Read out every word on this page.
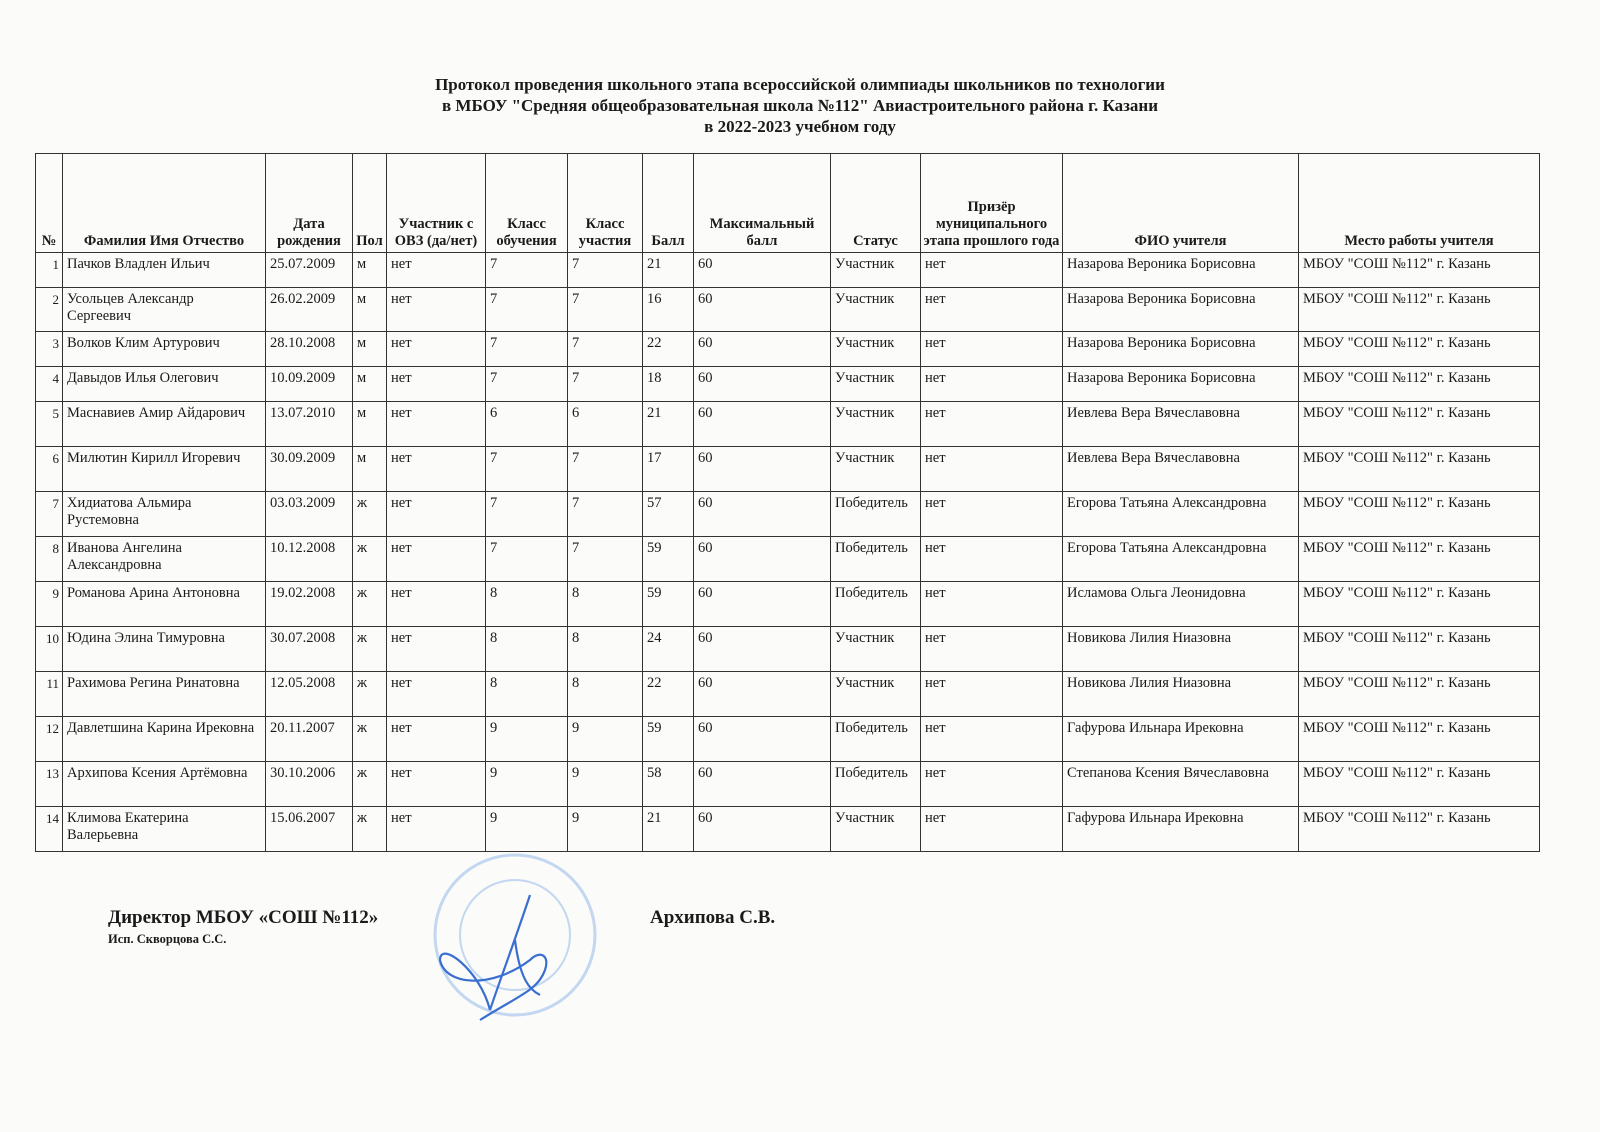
Протокол проведения школьного этапа всероссийской олимпиады школьников по технологии
в МБОУ "Средняя общеобразовательная школа №112" Авиастроительного района г. Казани
в 2022-2023 учебном году
№	Фамилия Имя Отчество	Дата рождения	Пол	Участник с ОВЗ (да/нет)	Класс обучения	Класс участия	Балл	Максимальный балл	Статус	Призёр муниципального этапа прошлого года	ФИО учителя	Место работы учителя
1	Пачков Владлен Ильич	25.07.2009	м	нет	7	7	21	60	Участник	нет	Назарова Вероника Борисовна	МБОУ "СОШ №112" г. Казань
2	Усольцев Александр Сергеевич	26.02.2009	м	нет	7	7	16	60	Участник	нет	Назарова Вероника Борисовна	МБОУ "СОШ №112" г. Казань
3	Волков Клим Артурович	28.10.2008	м	нет	7	7	22	60	Участник	нет	Назарова Вероника Борисовна	МБОУ "СОШ №112" г. Казань
4	Давыдов Илья Олегович	10.09.2009	м	нет	7	7	18	60	Участник	нет	Назарова Вероника Борисовна	МБОУ "СОШ №112" г. Казань
5	Маснавиев Амир Айдарович	13.07.2010	м	нет	6	6	21	60	Участник	нет	Иевлева Вера Вячеславовна	МБОУ "СОШ №112" г. Казань
6	Милютин Кирилл Игоревич	30.09.2009	м	нет	7	7	17	60	Участник	нет	Иевлева Вера Вячеславовна	МБОУ "СОШ №112" г. Казань
7	Хидиатова Альмира Рустемовна	03.03.2009	ж	нет	7	7	57	60	Победитель	нет	Егорова Татьяна Александровна	МБОУ "СОШ №112" г. Казань
8	Иванова Ангелина Александровна	10.12.2008	ж	нет	7	7	59	60	Победитель	нет	Егорова Татьяна Александровна	МБОУ "СОШ №112" г. Казань
9	Романова Арина Антоновна	19.02.2008	ж	нет	8	8	59	60	Победитель	нет	Исламова Ольга Леонидовна	МБОУ "СОШ №112" г. Казань
10	Юдина Элина Тимуровна	30.07.2008	ж	нет	8	8	24	60	Участник	нет	Новикова Лилия Ниазовна	МБОУ "СОШ №112" г. Казань
11	Рахимова Регина Ринатовна	12.05.2008	ж	нет	8	8	22	60	Участник	нет	Новикова Лилия Ниазовна	МБОУ "СОШ №112" г. Казань
12	Давлетшина Карина Ирековна	20.11.2007	ж	нет	9	9	59	60	Победитель	нет	Гафурова Ильнара Ирековна	МБОУ "СОШ №112" г. Казань
13	Архипова Ксения Артёмовна	30.10.2006	ж	нет	9	9	58	60	Победитель	нет	Степанова Ксения Вячеславовна	МБОУ "СОШ №112" г. Казань
14	Климова Екатерина Валерьевна	15.06.2007	ж	нет	9	9	21	60	Участник	нет	Гафурова Ильнара Ирековна	МБОУ "СОШ №112" г. Казань
Директор МБОУ «СОШ №112»	Архипова С.В.
Исп. Скворцова С.С.
